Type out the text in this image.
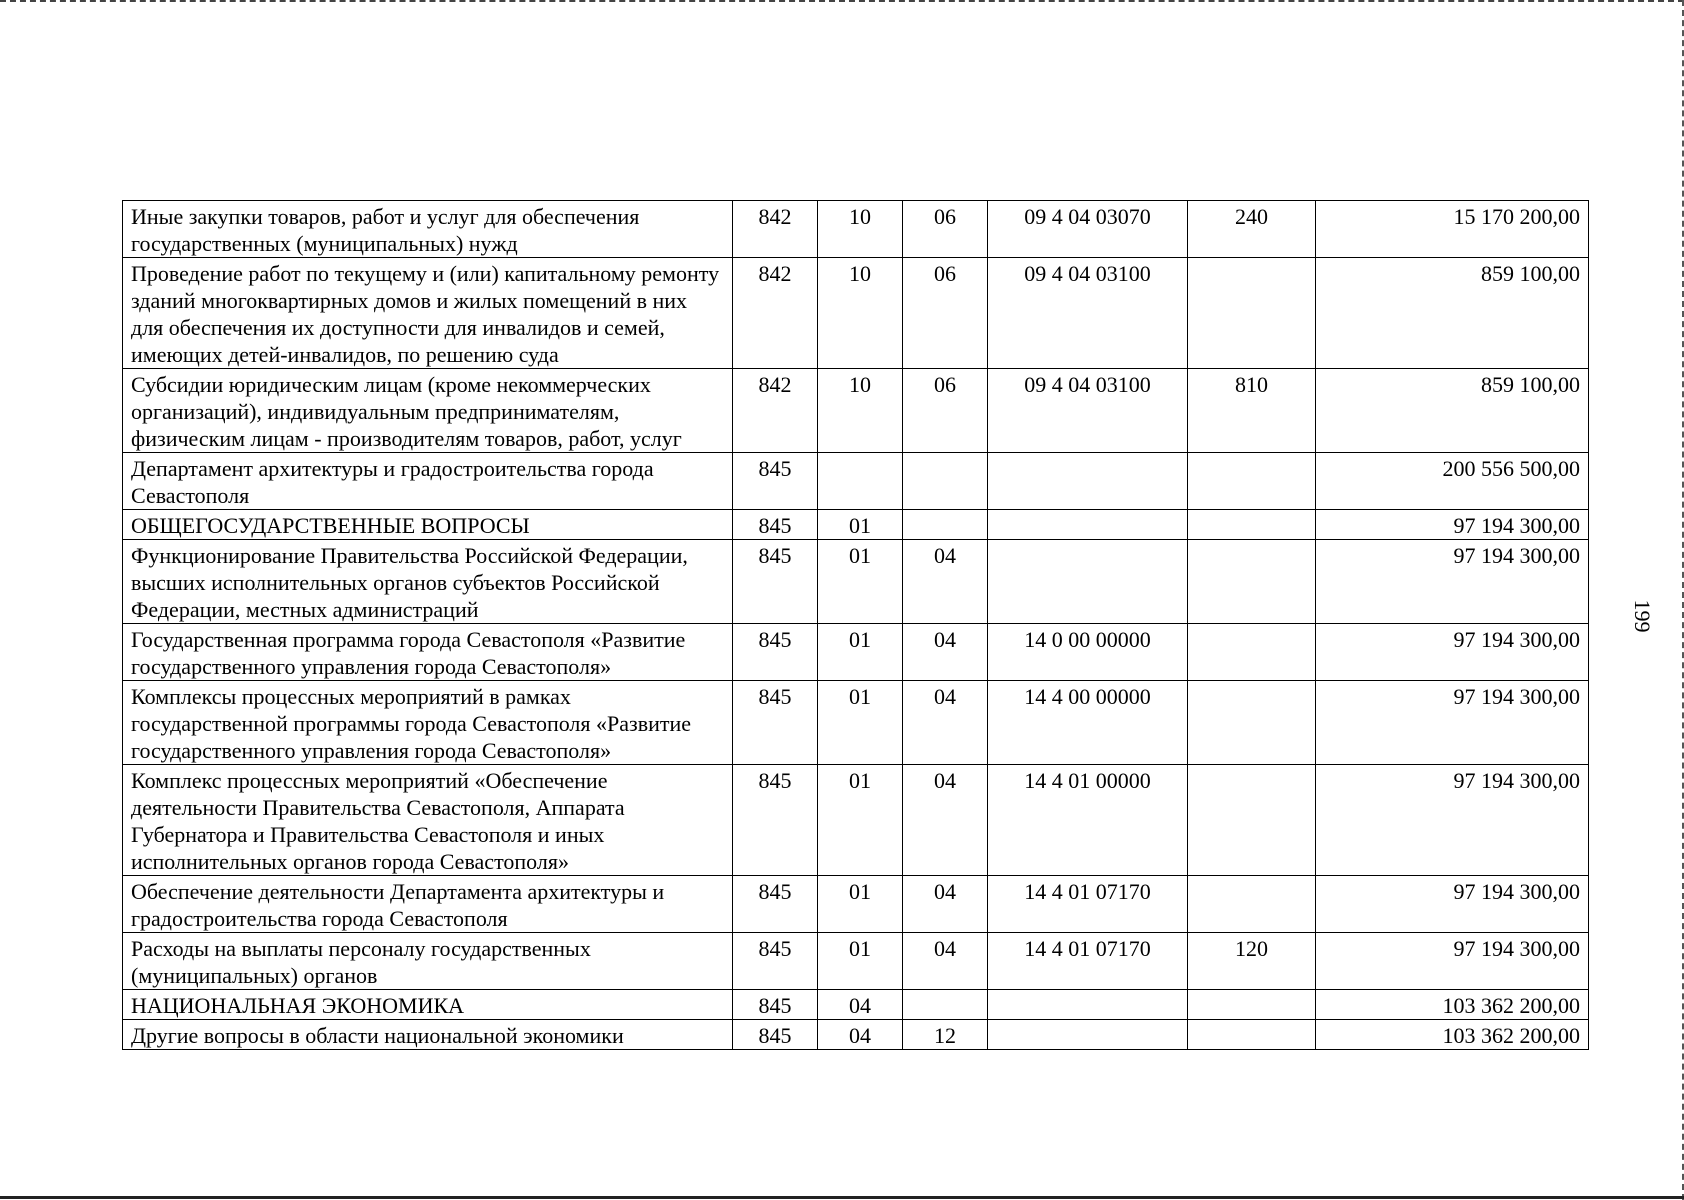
199
Иные закупки товаров, работ и услуг для обеспечения государственных (муниципальных) нужд	842	10	06	09 4 04 03070	240	15 170 200,00
Проведение работ по текущему и (или) капитальному ремонту зданий многоквартирных домов и жилых помещений в них для обеспечения их доступности для инвалидов и семей, имеющих детей-инвалидов, по решению суда	842	10	06	09 4 04 03100		859 100,00
Субсидии юридическим лицам (кроме некоммерческих организаций), индивидуальным предпринимателям, физическим лицам - производителям товаров, работ, услуг	842	10	06	09 4 04 03100	810	859 100,00
Департамент архитектуры и градостроительства города Севастополя	845					200 556 500,00
ОБЩЕГОСУДАРСТВЕННЫЕ ВОПРОСЫ	845	01				97 194 300,00
Функционирование Правительства Российской Федерации, высших исполнительных органов субъектов Российской Федерации, местных администраций	845	01	04			97 194 300,00
Государственная программа города Севастополя «Развитие государственного управления города Севастополя»	845	01	04	14 0 00 00000		97 194 300,00
Комплексы процессных мероприятий в рамках государственной программы города Севастополя «Развитие государственного управления города Севастополя»	845	01	04	14 4 00 00000		97 194 300,00
Комплекс процессных мероприятий «Обеспечение деятельности Правительства Севастополя, Аппарата Губернатора и Правительства Севастополя и иных исполнительных органов города Севастополя»	845	01	04	14 4 01 00000		97 194 300,00
Обеспечение деятельности Департамента архитектуры и градостроительства города Севастополя	845	01	04	14 4 01 07170		97 194 300,00
Расходы на выплаты персоналу государственных (муниципальных) органов	845	01	04	14 4 01 07170	120	97 194 300,00
НАЦИОНАЛЬНАЯ ЭКОНОМИКА	845	04				103 362 200,00
Другие вопросы в области национальной экономики	845	04	12			103 362 200,00
